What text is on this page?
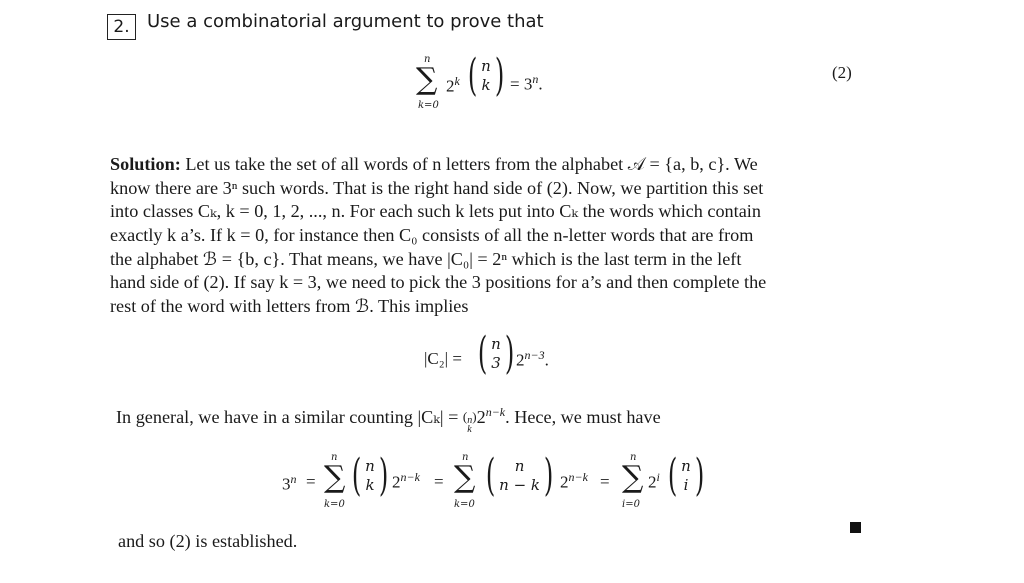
2. Use a combinatorial argument to prove that
n
∑
k=0
2$^k$ ( n
k ) = $3^n$.
(2)
Solution: Let us take the set of all words of n letters from the alphabet 𝒜 = {a, b, c}. We
know there are 3ⁿ such words. That is the right hand side of (2). Now, we partition this set
into classes Cₖ, k = 0, 1, 2, ..., n. For each such k lets put into Cₖ the words which contain
exactly k a’s. If k = 0, for instance then C₀ consists of all the n-letter words that are from
the alphabet ℬ = {b, c}. That means, we have |C₀| = 2ⁿ which is the last term in the left
hand side of (2). If say k = 3, we need to pick the 3 positions for a’s and then complete the
rest of the word with letters from ℬ. This implies
|C₂| = ( n
3 ) $2^{n-3}$.
In general, we have in a similar counting |Cₖ| = ( n
k
)$2^{n-k}$. Hece, we must have
$3^n$ =
n
∑
k=0
( n
k ) $2^{n-k}$ =
n
∑
k=0
( n
n − k ) $2^{n-k}$ =
n
∑
i=0
2$^i$ ( n
i )
and so (2) is established.
